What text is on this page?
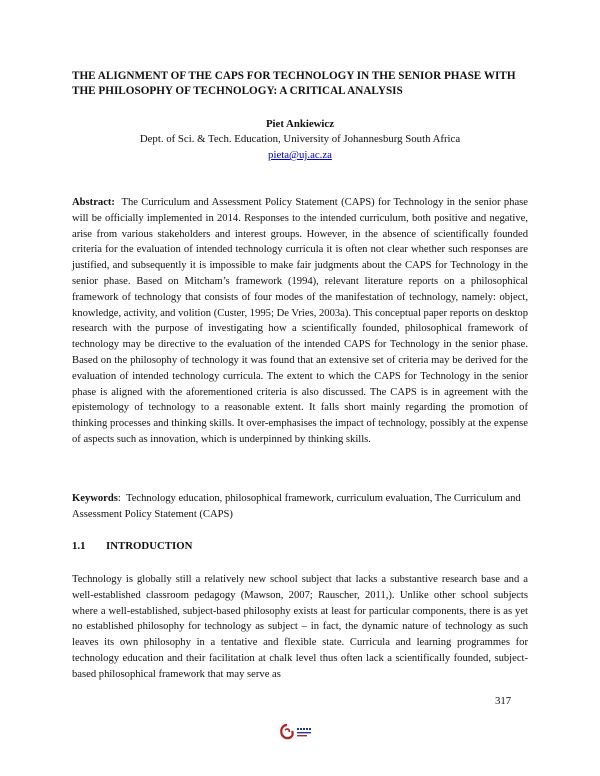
THE ALIGNMENT OF THE CAPS FOR TECHNOLOGY IN THE SENIOR PHASE WITH THE PHILOSOPHY OF TECHNOLOGY: A CRITICAL ANALYSIS
Piet Ankiewicz
Dept. of Sci. & Tech. Education, University of Johannesburg South Africa
pieta@uj.ac.za

Abstract: The Curriculum and Assessment Policy Statement (CAPS) for Technology in the senior phase will be officially implemented in 2014. Responses to the intended curriculum, both positive and negative, arise from various stakeholders and interest groups. However, in the absence of scientifically founded criteria for the evaluation of intended technology curricula it is often not clear whether such responses are justified, and subsequently it is impossible to make fair judgments about the CAPS for Technology in the senior phase. Based on Mitcham’s framework (1994), relevant literature reports on a philosophical framework of technology that consists of four modes of the manifestation of technology, namely: object, knowledge, activity, and volition (Custer, 1995; De Vries, 2003a). This conceptual paper reports on desktop research with the purpose of investigating how a scientifically founded, philosophical framework of technology may be directive to the evaluation of the intended CAPS for Technology in the senior phase. Based on the philosophy of technology it was found that an extensive set of criteria may be derived for the evaluation of intended technology curricula. The extent to which the CAPS for Technology in the senior phase is aligned with the aforementioned criteria is also discussed. The CAPS is in agreement with the epistemology of technology to a reasonable extent. It falls short mainly regarding the promotion of thinking processes and thinking skills. It over-emphasises the impact of technology, possibly at the expense of aspects such as innovation, which is underpinned by thinking skills.

Keywords:  Technology education, philosophical framework, curriculum evaluation, The Curriculum and Assessment Policy Statement (CAPS)

1.1 INTRODUCTION

Technology is globally still a relatively new school subject that lacks a substantive research base and a well-established classroom pedagogy (Mawson, 2007; Rauscher, 2011,). Unlike other school subjects where a well-established, subject-based philosophy exists at least for particular components, there is as yet no established philosophy for technology as subject – in fact, the dynamic nature of technology as such leaves its own philosophy in a tentative and flexible state. Curricula and learning programmes for technology education and their facilitation at chalk level thus often lack a scientifically founded, subject-based philosophical framework that may serve as

317
